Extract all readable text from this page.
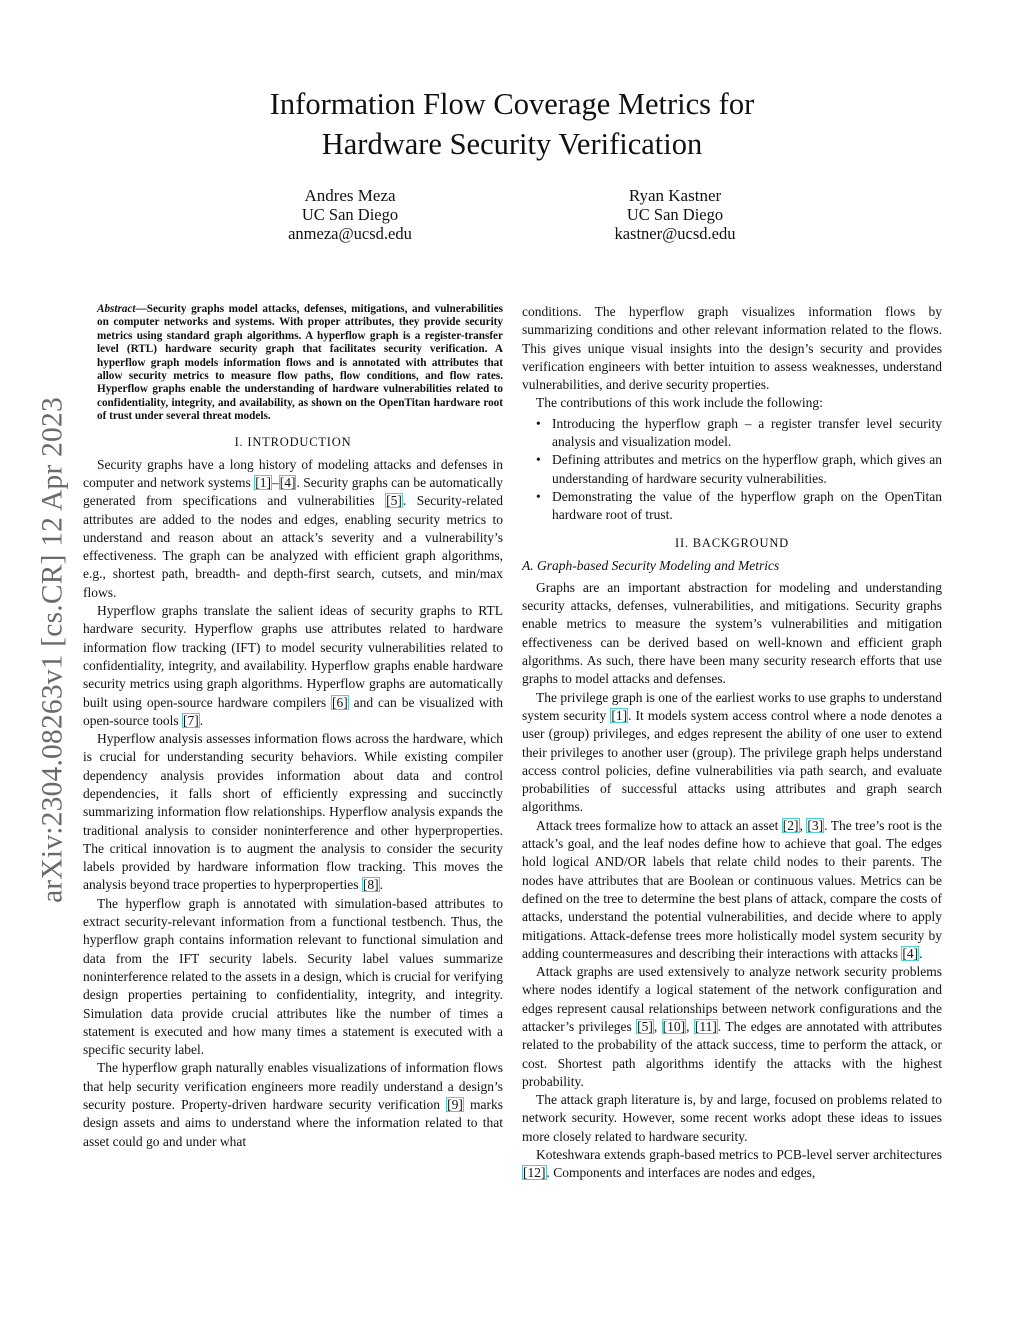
arXiv:2304.08263v1 [cs.CR] 12 Apr 2023
Information Flow Coverage Metrics for
Hardware Security Verification
Andres Meza
UC San Diego
anmeza@ucsd.edu
Ryan Kastner
UC San Diego
kastner@ucsd.edu
Abstract—Security graphs model attacks, defenses, mitigations, and vulnerabilities on computer networks and systems. With proper attributes, they provide security metrics using standard graph algorithms. A hyperflow graph is a register-transfer level (RTL) hardware security graph that facilitates security verification. A hyperflow graph models information flows and is annotated with attributes that allow security metrics to measure flow paths, flow conditions, and flow rates. Hyperflow graphs enable the understanding of hardware vulnerabilities related to confidentiality, integrity, and availability, as shown on the OpenTitan hardware root of trust under several threat models.
I. INTRODUCTION

Security graphs have a long history of modeling attacks and defenses in computer and network systems [1]–[4]. Security graphs can be automatically generated from specifications and vulnerabilities [5]. Security-related attributes are added to the nodes and edges, enabling security metrics to understand and reason about an attack’s severity and a vulnerability’s effectiveness. The graph can be analyzed with efficient graph algorithms, e.g., shortest path, breadth- and depth-first search, cutsets, and min/max flows.

Hyperflow graphs translate the salient ideas of security graphs to RTL hardware security. Hyperflow graphs use attributes related to hardware information flow tracking (IFT) to model security vulnerabilities related to confidentiality, integrity, and availability. Hyperflow graphs enable hardware security metrics using graph algorithms. Hyperflow graphs are automatically built using open-source hardware compilers [6] and can be visualized with open-source tools [7].

Hyperflow analysis assesses information flows across the hardware, which is crucial for understanding security behaviors. While existing compiler dependency analysis provides information about data and control dependencies, it falls short of efficiently expressing and succinctly summarizing information flow relationships. Hyperflow analysis expands the traditional analysis to consider noninterference and other hyperproperties. The critical innovation is to augment the analysis to consider the security labels provided by hardware information flow tracking. This moves the analysis beyond trace properties to hyperproperties [8].

The hyperflow graph is annotated with simulation-based attributes to extract security-relevant information from a functional testbench. Thus, the hyperflow graph contains information relevant to functional simulation and data from the IFT security labels. Security label values summarize noninterference related to the assets in a design, which is crucial for verifying design properties pertaining to confidentiality, integrity, and integrity. Simulation data provide crucial attributes like the number of times a statement is executed and how many times a statement is executed with a specific security label.

The hyperflow graph naturally enables visualizations of information flows that help security verification engineers more readily understand a design’s security posture. Property-driven hardware security verification [9] marks design assets and aims to understand where the information related to that asset could go and under what

conditions. The hyperflow graph visualizes information flows by summarizing conditions and other relevant information related to the flows. This gives unique visual insights into the design’s security and provides verification engineers with better intuition to assess weaknesses, understand vulnerabilities, and derive security properties.

The contributions of this work include the following:

• Introducing the hyperflow graph – a register transfer level security analysis and visualization model.
• Defining attributes and metrics on the hyperflow graph, which gives an understanding of hardware security vulnerabilities.
• Demonstrating the value of the hyperflow graph on the OpenTitan hardware root of trust.
II. BACKGROUND
A. Graph-based Security Modeling and Metrics

Graphs are an important abstraction for modeling and understanding security attacks, defenses, vulnerabilities, and mitigations. Security graphs enable metrics to measure the system’s vulnerabilities and mitigation effectiveness can be derived based on well-known and efficient graph algorithms. As such, there have been many security research efforts that use graphs to model attacks and defenses.

The privilege graph is one of the earliest works to use graphs to understand system security [1]. It models system access control where a node denotes a user (group) privileges, and edges represent the ability of one user to extend their privileges to another user (group). The privilege graph helps understand access control policies, define vulnerabilities via path search, and evaluate probabilities of successful attacks using attributes and graph search algorithms.

Attack trees formalize how to attack an asset [2], [3]. The tree’s root is the attack’s goal, and the leaf nodes define how to achieve that goal. The edges hold logical AND/OR labels that relate child nodes to their parents. The nodes have attributes that are Boolean or continuous values. Metrics can be defined on the tree to determine the best plans of attack, compare the costs of attacks, understand the potential vulnerabilities, and decide where to apply mitigations. Attack-defense trees more holistically model system security by adding countermeasures and describing their interactions with attacks [4].

Attack graphs are used extensively to analyze network security problems where nodes identify a logical statement of the network configuration and edges represent causal relationships between network configurations and the attacker’s privileges [5], [10], [11]. The edges are annotated with attributes related to the probability of the attack success, time to perform the attack, or cost. Shortest path algorithms identify the attacks with the highest probability.

The attack graph literature is, by and large, focused on problems related to network security. However, some recent works adopt these ideas to issues more closely related to hardware security.

Koteshwara extends graph-based metrics to PCB-level server architectures [12]. Components and interfaces are nodes and edges,
